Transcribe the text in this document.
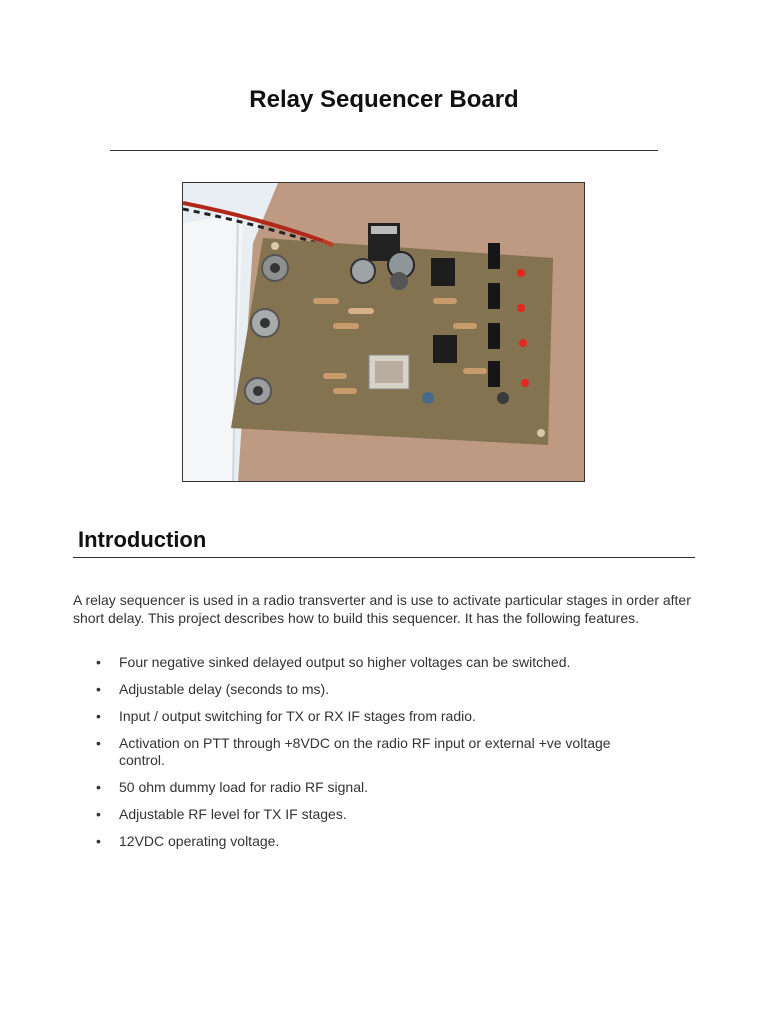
Relay Sequencer Board
Introduction

A relay sequencer is used in a radio transverter and is use to activate particular stages in order after short delay. This project describes how to build this sequencer. It has the following features.

• Four negative sinked delayed output so higher voltages can be switched.
• Adjustable delay (seconds to ms).
• Input / output switching for TX or RX IF stages from radio.
• Activation on PTT through +8VDC on the radio RF input or external +ve voltage control.
• 50 ohm dummy load for radio RF signal.
• Adjustable RF level for TX IF stages.
• 12VDC operating voltage.
